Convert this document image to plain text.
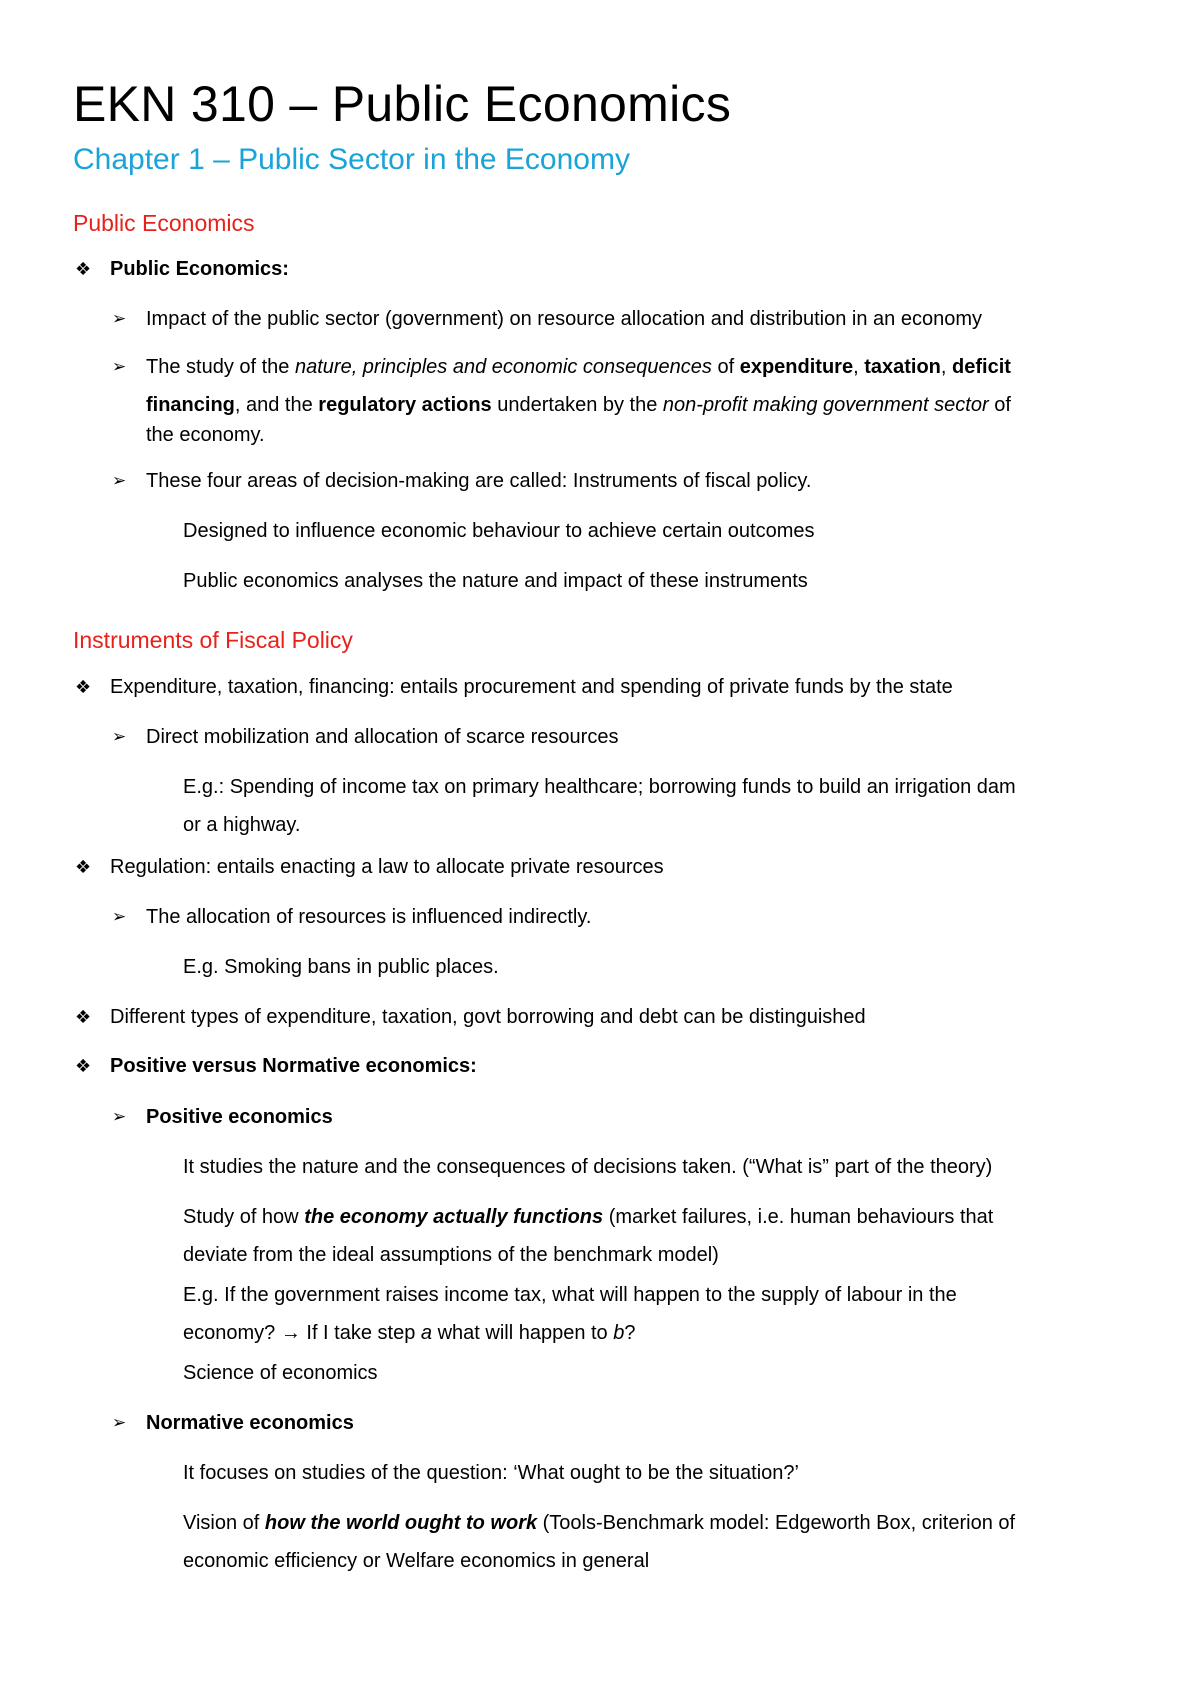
EKN 310 – Public Economics
Chapter 1 – Public Sector in the Economy
Public Economics
❖ Public Economics:
➢ Impact of the public sector (government) on resource allocation and distribution in an economy
➢ The study of the nature, principles and economic consequences of expenditure, taxation, deficit
financing, and the regulatory actions undertaken by the non-profit making government sector of
the economy.
➢ These four areas of decision-making are called: Instruments of fiscal policy.
Designed to influence economic behaviour to achieve certain outcomes
Public economics analyses the nature and impact of these instruments
Instruments of Fiscal Policy
❖ Expenditure, taxation, financing: entails procurement and spending of private funds by the state
➢ Direct mobilization and allocation of scarce resources
E.g.: Spending of income tax on primary healthcare; borrowing funds to build an irrigation dam
or a highway.
❖ Regulation: entails enacting a law to allocate private resources
➢ The allocation of resources is influenced indirectly.
E.g. Smoking bans in public places.
❖ Different types of expenditure, taxation, govt borrowing and debt can be distinguished
❖ Positive versus Normative economics:
➢ Positive economics
It studies the nature and the consequences of decisions taken. (“What is” part of the theory)
Study of how the economy actually functions (market failures, i.e. human behaviours that
deviate from the ideal assumptions of the benchmark model)
E.g. If the government raises income tax, what will happen to the supply of labour in the
economy? → If I take step a what will happen to b?
Science of economics
➢ Normative economics
It focuses on studies of the question: ‘What ought to be the situation?’
Vision of how the world ought to work (Tools-Benchmark model: Edgeworth Box, criterion of
economic efficiency or Welfare economics in general
